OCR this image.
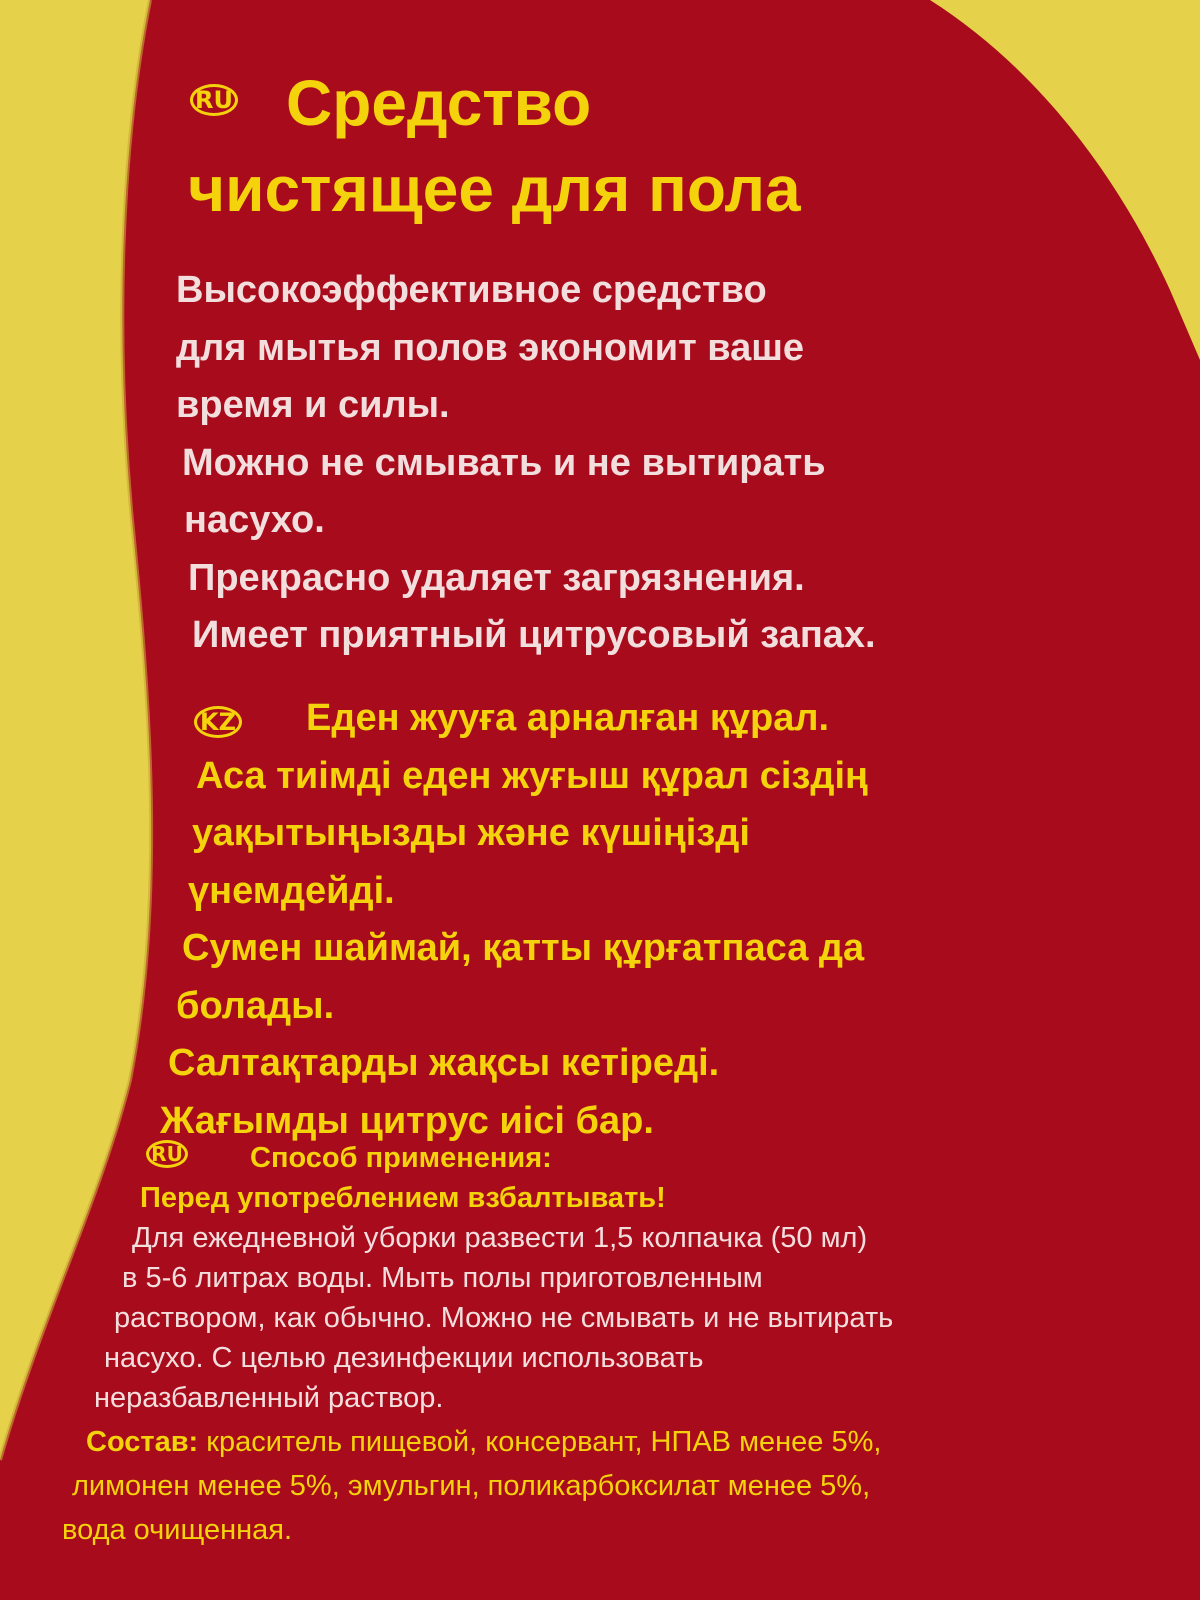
RU Средство
чистящее для пола
Высокоэффективное средство
для мытья полов экономит ваше
время и силы.
Можно не смывать и не вытирать
насухо.
Прекрасно удаляет загрязнения.
Имеет приятный цитрусовый запах.
KZ	Еден жууға арналған құрал.
Аса тиімді еден жуғыш құрал сіздің
уақытыңызды және күшіңізді
үнемдейді.
Сумен шаймай, қатты құрғатпаса да
болады.
Салтақтарды жақсы кетіреді.
Жағымды цитрус иісі бар.
RU Способ применения:
Перед употреблением взбалтывать!
Для ежедневной уборки развести 1,5 колпачка (50 мл)
в 5-6 литрах воды. Мыть полы приготовленным
раствором, как обычно. Можно не смывать и не вытирать
насухо. С целью дезинфекции использовать
неразбавленный раствор.
Состав: краситель пищевой, консервант, НПАВ менее 5%,
лимонен менее 5%, эмульгин, поликарбоксилат менее 5%,
вода очищенная.
